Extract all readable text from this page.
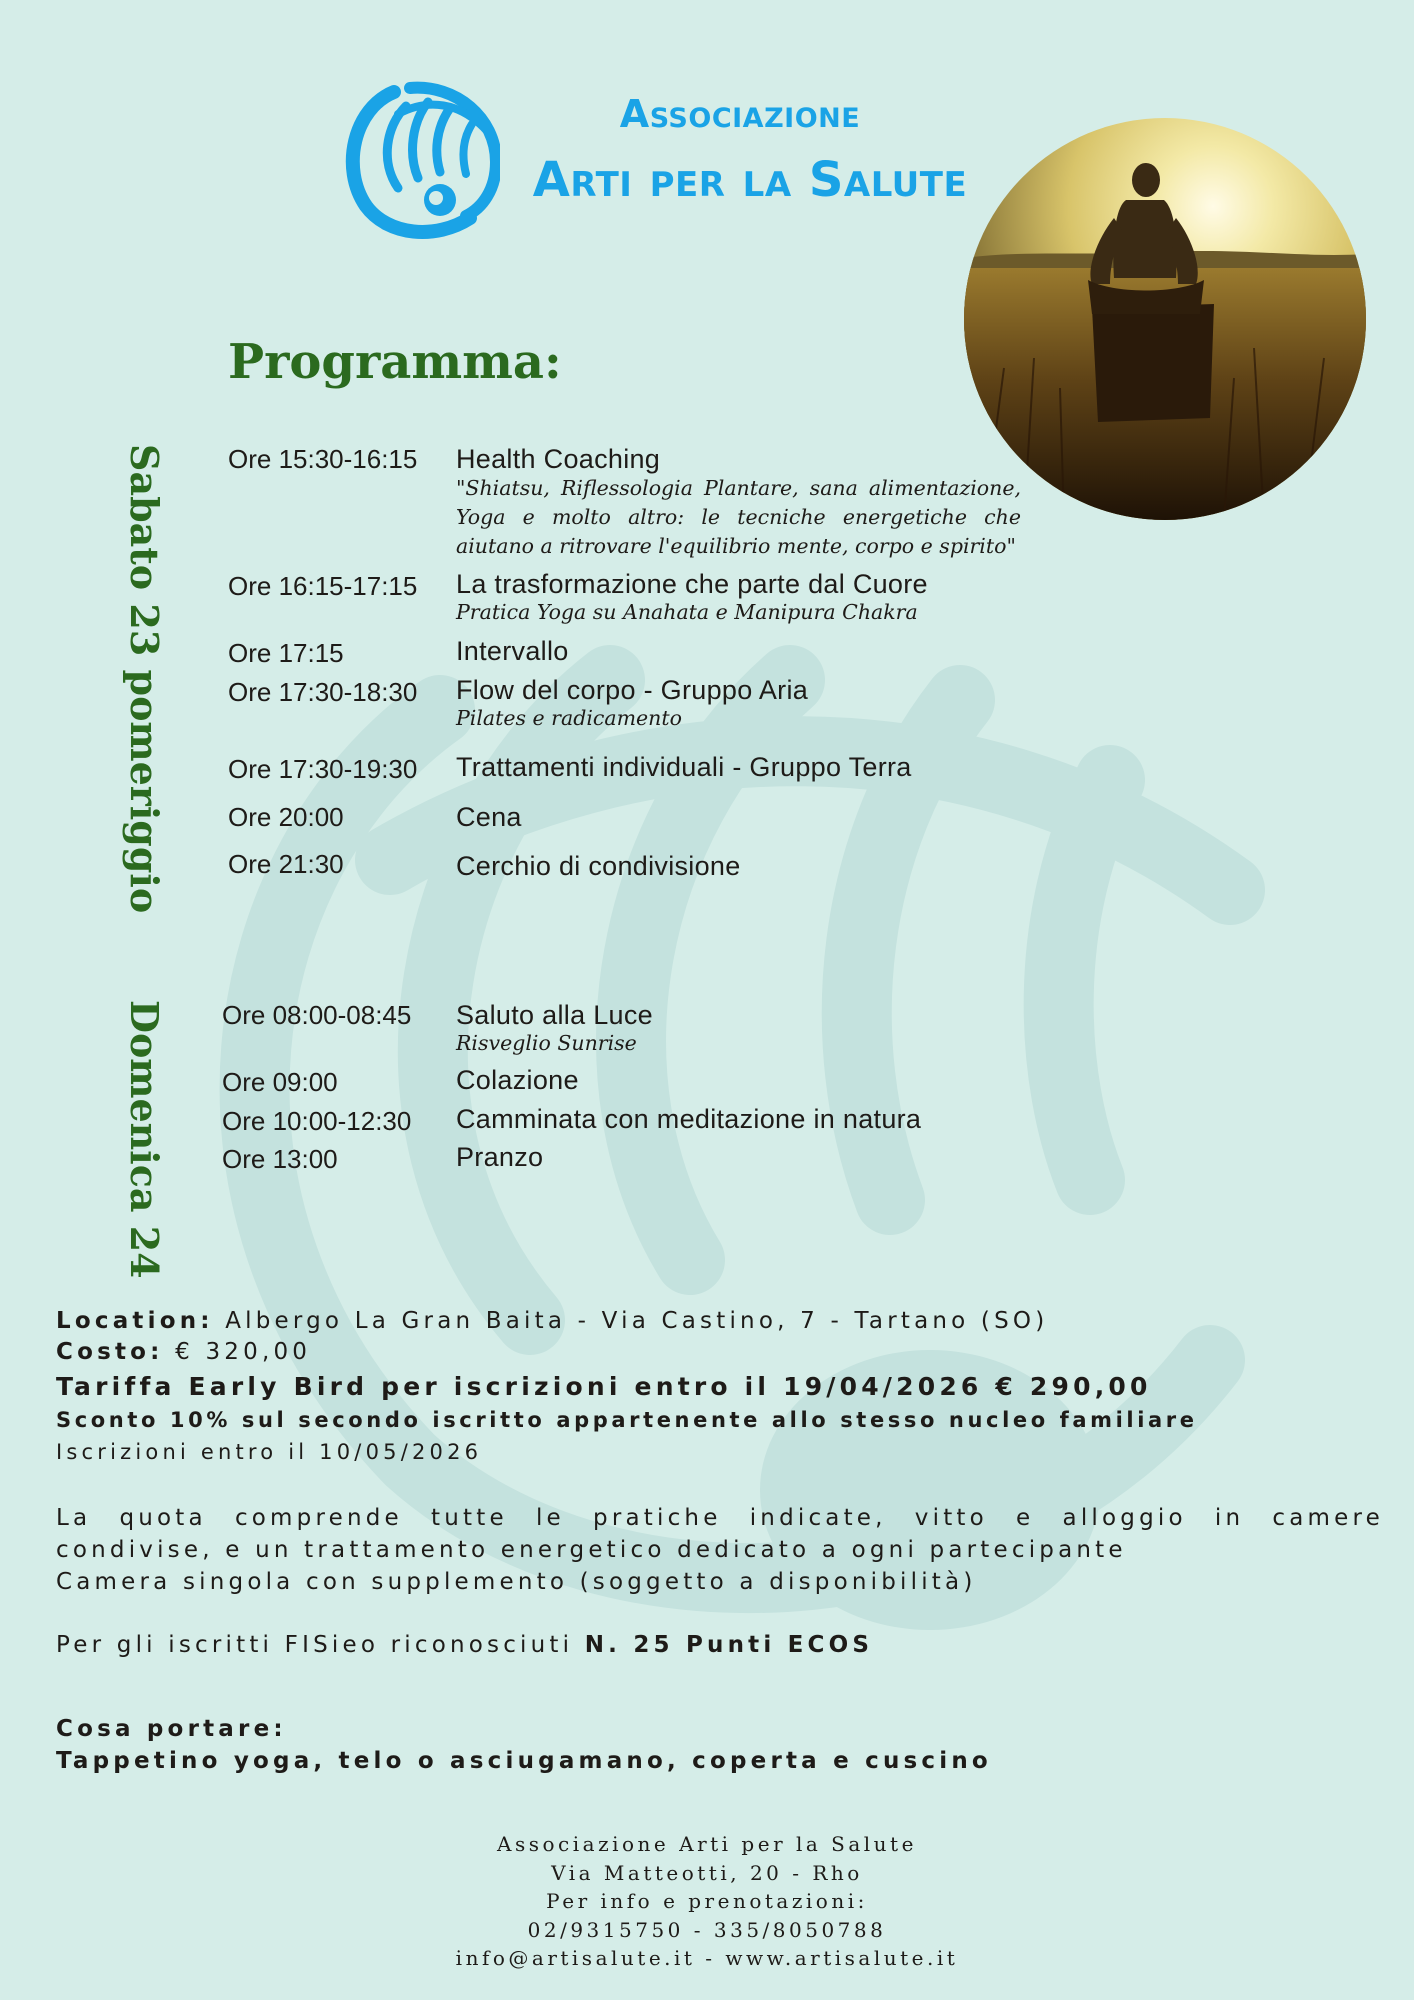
Associazione
Arti per la Salute
Programma:
Sabato 23 pomeriggio
Domenica 24
Ore 15:30-16:15 Health Coaching
"Shiatsu, Riflessologia Plantare, sana alimentazione,
Yoga e molto altro: le tecniche energetiche che
aiutano a ritrovare l'equilibrio mente, corpo e spirito"
Ore 16:15-17:15 La trasformazione che parte dal Cuore
Pratica Yoga su Anahata e Manipura Chakra
Ore 17:15	Intervallo
Ore 17:30-18:30 Flow del corpo - Gruppo Aria
Pilates e radicamento
Ore 17:30-19:30 Trattamenti individuali - Gruppo Terra
Ore 20:00	Cena
Ore 21:30	Cerchio di condivisione
Ore 08:00-08:45 Saluto alla Luce
Risveglio Sunrise
Ore 09:00	Colazione
Ore 10:00-12:30 Camminata con meditazione in natura
Ore 13:00	Pranzo
Location: Albergo La Gran Baita - Via Castino, 7 - Tartano (SO)
Costo: € 320,00
Tariffa Early Bird per iscrizioni entro il 19/04/2026 € 290,00
Sconto 10% sul secondo iscritto appartenente allo stesso nucleo familiare
Iscrizioni entro il 10/05/2026
La quota comprende tutte le pratiche indicate, vitto e alloggio in camere
condivise, e un trattamento energetico dedicato a ogni partecipante
Camera singola con supplemento (soggetto a disponibilità)
Per gli iscritti FISieo riconosciuti N. 25 Punti ECOS
Cosa portare:
Tappetino yoga, telo o asciugamano, coperta e cuscino
Associazione Arti per la Salute
Via Matteotti, 20 - Rho
Per info e prenotazioni:
02/9315750 - 335/8050788
info@artisalute.it - www.artisalute.it
